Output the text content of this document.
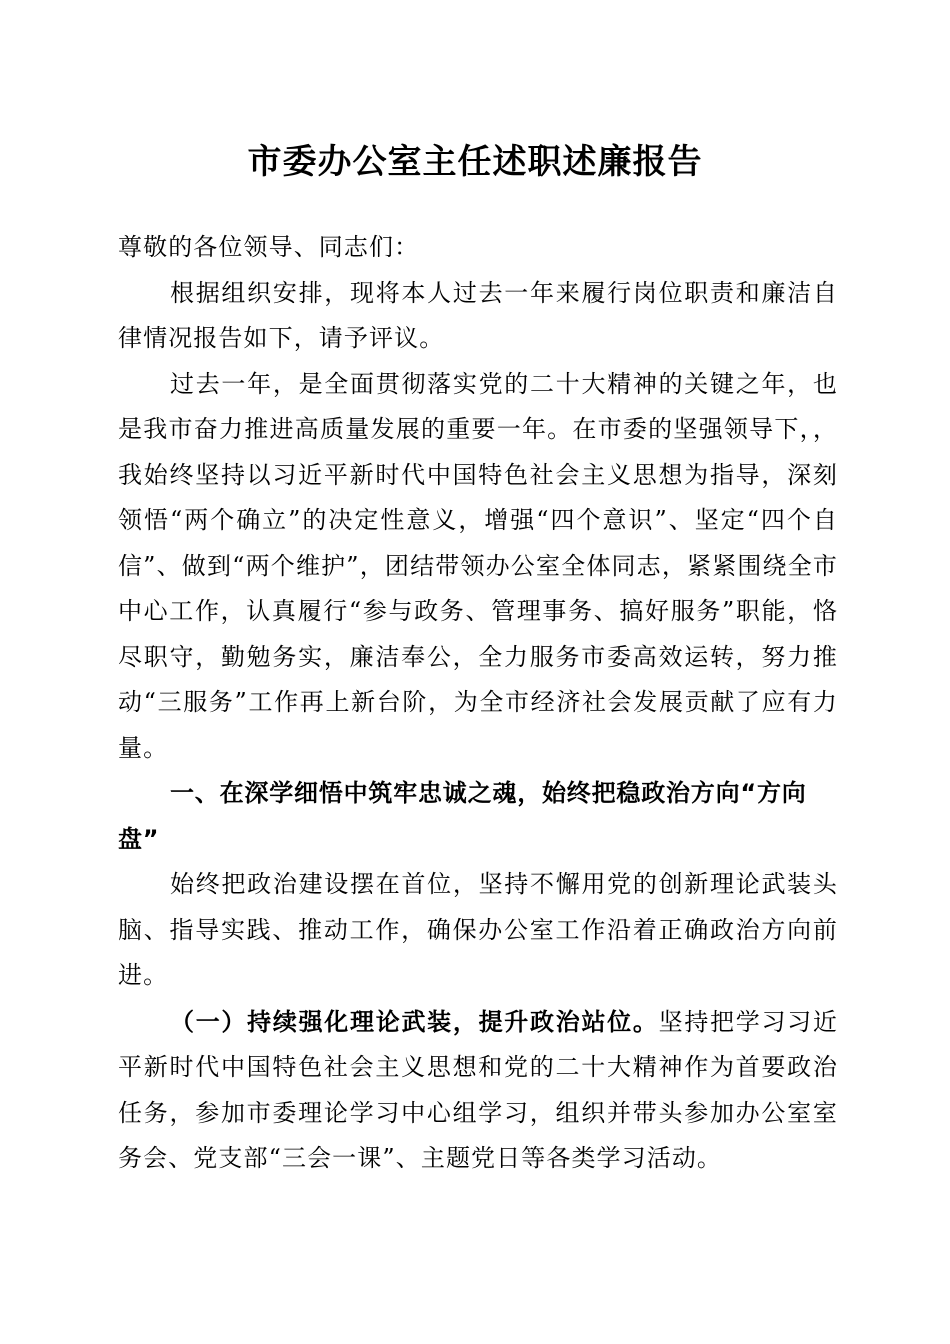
市委办公室主任述职述廉报告

尊敬的各位领导、同志们：

根据组织安排，现将本人过去一年来履行岗位职责和廉洁自律情况报告如下，请予评议。

过去一年，是全面贯彻落实党的二十大精神的关键之年，也是我市奋力推进高质量发展的重要一年。在市委的坚强领导下，，我始终坚持以习近平新时代中国特色社会主义思想为指导，深刻领悟“两个确立”的决定性意义，增强“四个意识”、坚定“四个自信”、做到“两个维护”，团结带领办公室全体同志，紧紧围绕全市中心工作，认真履行“参与政务、管理事务、搞好服务”职能，恪尽职守，勤勉务实，廉洁奉公，全力服务市委高效运转，努力推动“三服务”工作再上新台阶，为全市经济社会发展贡献了应有力量。

一、在深学细悟中筑牢忠诚之魂，始终把稳政治方向“方向盘”

始终把政治建设摆在首位，坚持不懈用党的创新理论武装头脑、指导实践、推动工作，确保办公室工作沿着正确政治方向前进。

（一）持续强化理论武装，提升政治站位。坚持把学习习近平新时代中国特色社会主义思想和党的二十大精神作为首要政治任务，参加市委理论学习中心组学习，组织并带头参加办公室室务会、党支部“三会一课”、主题党日等各类学习活动。
